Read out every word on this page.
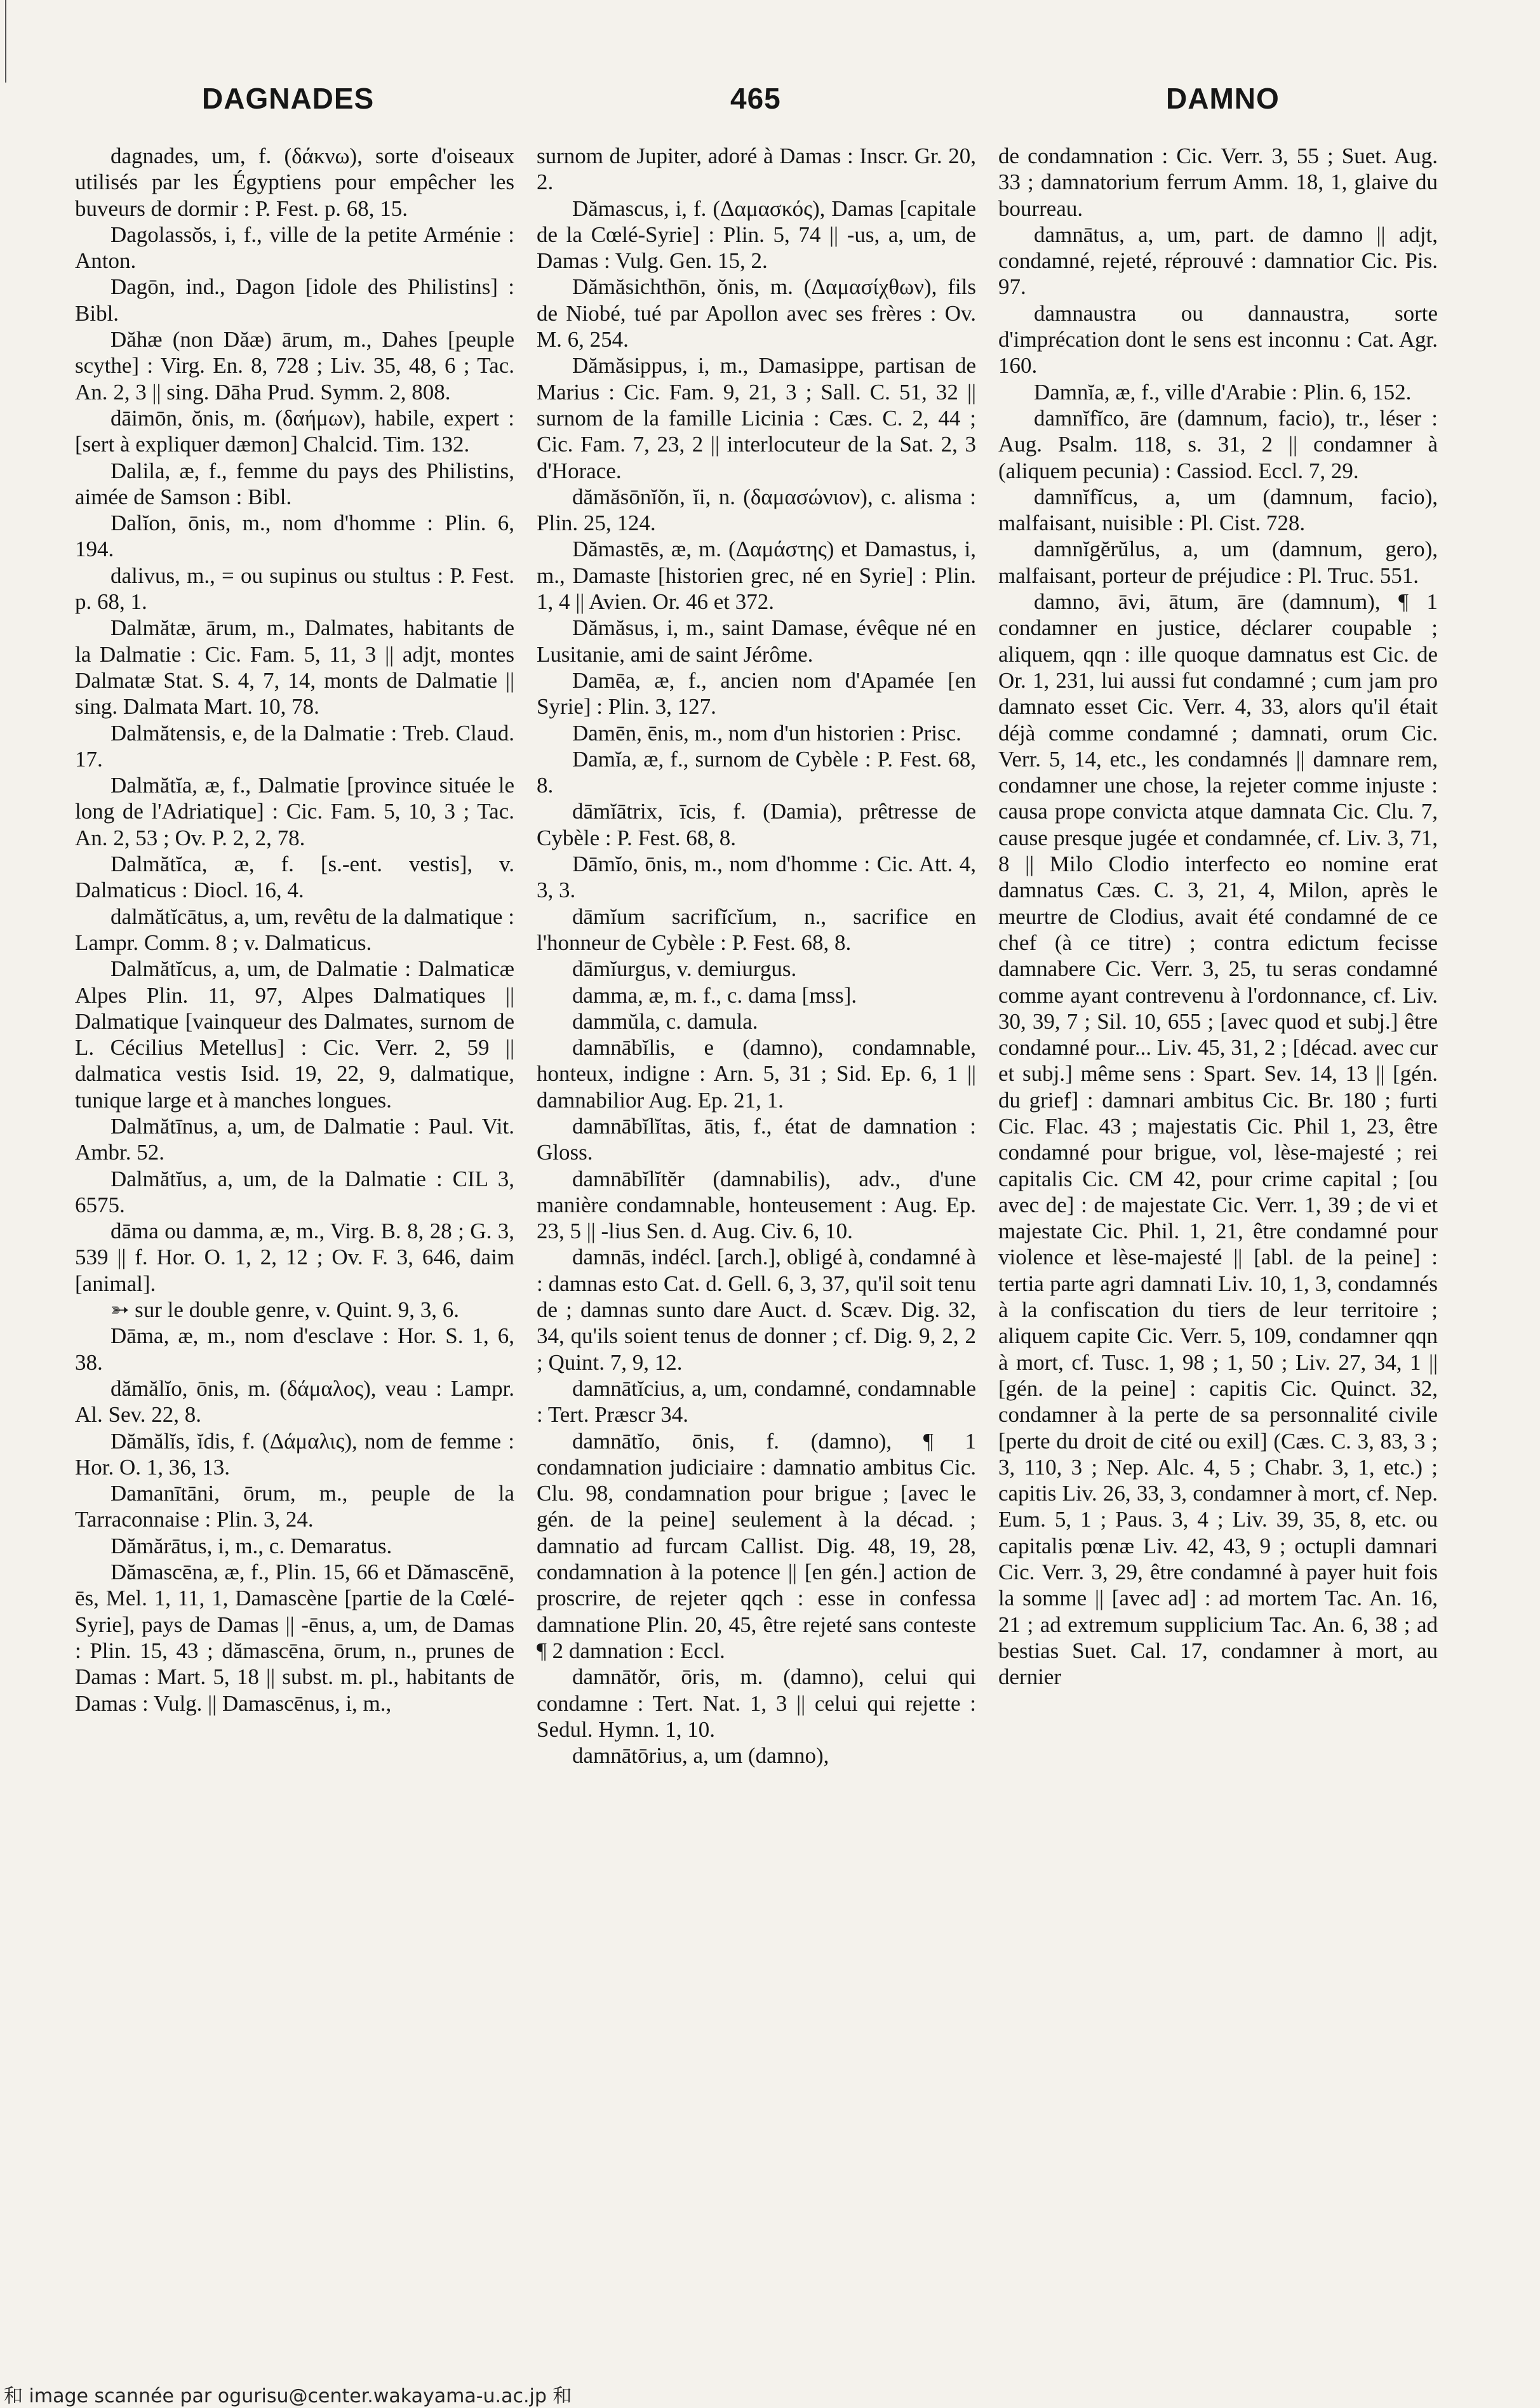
DAGNADES	465	DAMNO

dagnades, um, f. (δάκνω), sorte d'oiseaux utilisés par les Égyptiens pour empêcher les buveurs de dormir : P. Fest. p. 68, 15.

Dagolassŏs, i, f., ville de la petite Arménie : Anton.

Dagōn, ind., Dagon [idole des Philistins] : Bibl.

Dăhæ (non Dăæ) ārum, m., Dahes [peuple scythe] : Virg. En. 8, 728 ; Liv. 35, 48, 6 ; Tac. An. 2, 3 || sing. Dāha Prud. Symm. 2, 808.

dāimōn, ŏnis, m. (δαήμων), habile, expert : [sert à expliquer dæmon] Chalcid. Tim. 132.

Dalila, æ, f., femme du pays des Philistins, aimée de Samson : Bibl.

Dalĭon, ōnis, m., nom d'homme : Plin. 6, 194.

dalivus, m., = ou supinus ou stultus : P. Fest. p. 68, 1.

Dalmătæ, ārum, m., Dalmates, habitants de la Dalmatie : Cic. Fam. 5, 11, 3 || adjt, montes Dalmatæ Stat. S. 4, 7, 14, monts de Dalmatie || sing. Dalmata Mart. 10, 78.

Dalmătensis, e, de la Dalmatie : Treb. Claud. 17.

Dalmătĭa, æ, f., Dalmatie [province située le long de l'Adriatique] : Cic. Fam. 5, 10, 3 ; Tac. An. 2, 53 ; Ov. P. 2, 2, 78.

Dalmătĭca, æ, f. [s.-ent. vestis], v. Dalmaticus : Diocl. 16, 4.

dalmătĭcātus, a, um, revêtu de la dalmatique : Lampr. Comm. 8 ; v. Dalmaticus.

Dalmătĭcus, a, um, de Dalmatie : Dalmaticæ Alpes Plin. 11, 97, Alpes Dalmatiques || Dalmatique [vainqueur des Dalmates, surnom de L. Cécilius Metellus] : Cic. Verr. 2, 59 || dalmatica vestis Isid. 19, 22, 9, dalmatique, tunique large et à manches longues.

Dalmătīnus, a, um, de Dalmatie : Paul. Vit. Ambr. 52.

Dalmătĭus, a, um, de la Dalmatie : CIL 3, 6575.

dāma ou damma, æ, m., Virg. B. 8, 28 ; G. 3, 539 || f. Hor. O. 1, 2, 12 ; Ov. F. 3, 646, daim [animal].

➳ sur le double genre, v. Quint. 9, 3, 6.

Dāma, æ, m., nom d'esclave : Hor. S. 1, 6, 38.

dămălĭo, ōnis, m. (δάμαλος), veau : Lampr. Al. Sev. 22, 8.

Dămălĭs, ĭdis, f. (Δάμαλις), nom de femme : Hor. O. 1, 36, 13.

Damanītāni, ōrum, m., peuple de la Tarraconnaise : Plin. 3, 24.

Dămărātus, i, m., c. Demaratus.

Dămascēna, æ, f., Plin. 15, 66 et Dămascēnē, ēs, Mel. 1, 11, 1, Damascène [partie de la Cœlé-Syrie], pays de Damas || -ēnus, a, um, de Damas : Plin. 15, 43 ; dămascēna, ōrum, n., prunes de Damas : Mart. 5, 18 || subst. m. pl., habitants de Damas : Vulg. || Damascēnus, i, m.,

surnom de Jupiter, adoré à Damas : Inscr. Gr. 20, 2.

Dămascus, i, f. (Δαμασκός), Damas [capitale de la Cœlé-Syrie] : Plin. 5, 74 || -us, a, um, de Damas : Vulg. Gen. 15, 2.

Dămăsichthōn, ŏnis, m. (Δαμασίχθων), fils de Niobé, tué par Apollon avec ses frères : Ov. M. 6, 254.

Dămăsippus, i, m., Damasippe, partisan de Marius : Cic. Fam. 9, 21, 3 ; Sall. C. 51, 32 || surnom de la famille Licinia : Cæs. C. 2, 44 ; Cic. Fam. 7, 23, 2 || interlocuteur de la Sat. 2, 3 d'Horace.

dămăsōnĭŏn, ĭi, n. (δαμασώνιον), c. alisma : Plin. 25, 124.

Dămastēs, æ, m. (Δαμάστης) et Damastus, i, m., Damaste [historien grec, né en Syrie] : Plin. 1, 4 || Avien. Or. 46 et 372.

Dămăsus, i, m., saint Damase, évêque né en Lusitanie, ami de saint Jérôme.

Damēa, æ, f., ancien nom d'Apamée [en Syrie] : Plin. 3, 127.

Damēn, ēnis, m., nom d'un historien : Prisc.

Damĭa, æ, f., surnom de Cybèle : P. Fest. 68, 8.

dāmĭātrix, īcis, f. (Damia), prêtresse de Cybèle : P. Fest. 68, 8.

Dāmĭo, ōnis, m., nom d'homme : Cic. Att. 4, 3, 3.

dāmĭum sacrifĭcĭum, n., sacrifice en l'honneur de Cybèle : P. Fest. 68, 8.

dāmĭurgus, v. demiurgus.

damma, æ, m. f., c. dama [mss].

dammŭla, c. damula.

damnābĭlis, e (damno), condamnable, honteux, indigne : Arn. 5, 31 ; Sid. Ep. 6, 1 || damnabilior Aug. Ep. 21, 1.

damnābĭlĭtas, ātis, f., état de damnation : Gloss.

damnābĭlĭtĕr (damnabilis), adv., d'une manière condamnable, honteusement : Aug. Ep. 23, 5 || -lius Sen. d. Aug. Civ. 6, 10.

damnās, indécl. [arch.], obligé à, condamné à : damnas esto Cat. d. Gell. 6, 3, 37, qu'il soit tenu de ; damnas sunto dare Auct. d. Scæv. Dig. 32, 34, qu'ils soient tenus de donner ; cf. Dig. 9, 2, 2 ; Quint. 7, 9, 12.

damnātĭcius, a, um, condamné, condamnable : Tert. Præscr 34.

damnātĭo, ōnis, f. (damno), ¶ 1 condamnation judiciaire : damnatio ambitus Cic. Clu. 98, condamnation pour brigue ; [avec le gén. de la peine] seulement à la décad. ; damnatio ad furcam Callist. Dig. 48, 19, 28, condamnation à la potence || [en gén.] action de proscrire, de rejeter qqch : esse in confessa damnatione Plin. 20, 45, être rejeté sans conteste ¶ 2 damnation : Eccl.

damnātŏr, ōris, m. (damno), celui qui condamne : Tert. Nat. 1, 3 || celui qui rejette : Sedul. Hymn. 1, 10.

damnātōrius, a, um (damno),

de condamnation : Cic. Verr. 3, 55 ; Suet. Aug. 33 ; damnatorium ferrum Amm. 18, 1, glaive du bourreau.

damnātus, a, um, part. de damno || adjt, condamné, rejeté, réprouvé : damnatior Cic. Pis. 97.

damnaustra ou dannaustra, sorte d'imprécation dont le sens est inconnu : Cat. Agr. 160.

Damnĭa, æ, f., ville d'Arabie : Plin. 6, 152.

damnĭfĭco, āre (damnum, facio), tr., léser : Aug. Psalm. 118, s. 31, 2 || condamner à (aliquem pecunia) : Cassiod. Eccl. 7, 29.

damnĭfĭcus, a, um (damnum, facio), malfaisant, nuisible : Pl. Cist. 728.

damnĭgĕrŭlus, a, um (damnum, gero), malfaisant, porteur de préjudice : Pl. Truc. 551.

damno, āvi, ātum, āre (damnum), ¶ 1 condamner en justice, déclarer coupable ; aliquem, qqn : ille quoque damnatus est Cic. de Or. 1, 231, lui aussi fut condamné ; cum jam pro damnato esset Cic. Verr. 4, 33, alors qu'il était déjà comme condamné ; damnati, orum Cic. Verr. 5, 14, etc., les condamnés || damnare rem, condamner une chose, la rejeter comme injuste : causa prope convicta atque damnata Cic. Clu. 7, cause presque jugée et condamnée, cf. Liv. 3, 71, 8 || Milo Clodio interfecto eo nomine erat damnatus Cæs. C. 3, 21, 4, Milon, après le meurtre de Clodius, avait été condamné de ce chef (à ce titre) ; contra edictum fecisse damnabere Cic. Verr. 3, 25, tu seras condamné comme ayant contrevenu à l'ordonnance, cf. Liv. 30, 39, 7 ; Sil. 10, 655 ; [avec quod et subj.] être condamné pour... Liv. 45, 31, 2 ; [décad. avec cur et subj.] même sens : Spart. Sev. 14, 13 || [gén. du grief] : damnari ambitus Cic. Br. 180 ; furti Cic. Flac. 43 ; majestatis Cic. Phil 1, 23, être condamné pour brigue, vol, lèse-majesté ; rei capitalis Cic. CM 42, pour crime capital ; [ou avec de] : de majestate Cic. Verr. 1, 39 ; de vi et majestate Cic. Phil. 1, 21, être condamné pour violence et lèse-majesté || [abl. de la peine] : tertia parte agri damnati Liv. 10, 1, 3, condamnés à la confiscation du tiers de leur territoire ; aliquem capite Cic. Verr. 5, 109, condamner qqn à mort, cf. Tusc. 1, 98 ; 1, 50 ; Liv. 27, 34, 1 || [gén. de la peine] : capitis Cic. Quinct. 32, condamner à la perte de sa personnalité civile [perte du droit de cité ou exil] (Cæs. C. 3, 83, 3 ; 3, 110, 3 ; Nep. Alc. 4, 5 ; Chabr. 3, 1, etc.) ; capitis Liv. 26, 33, 3, condamner à mort, cf. Nep. Eum. 5, 1 ; Paus. 3, 4 ; Liv. 39, 35, 8, etc. ou capitalis pœnæ Liv. 42, 43, 9 ; octupli damnari Cic. Verr. 3, 29, être condamné à payer huit fois la somme || [avec ad] : ad mortem Tac. An. 16, 21 ; ad extremum supplicium Tac. An. 6, 38 ; ad bestias Suet. Cal. 17, condamner à mort, au dernier

和 image scannée par ogurisu@center.wakayama-u.ac.jp 和
